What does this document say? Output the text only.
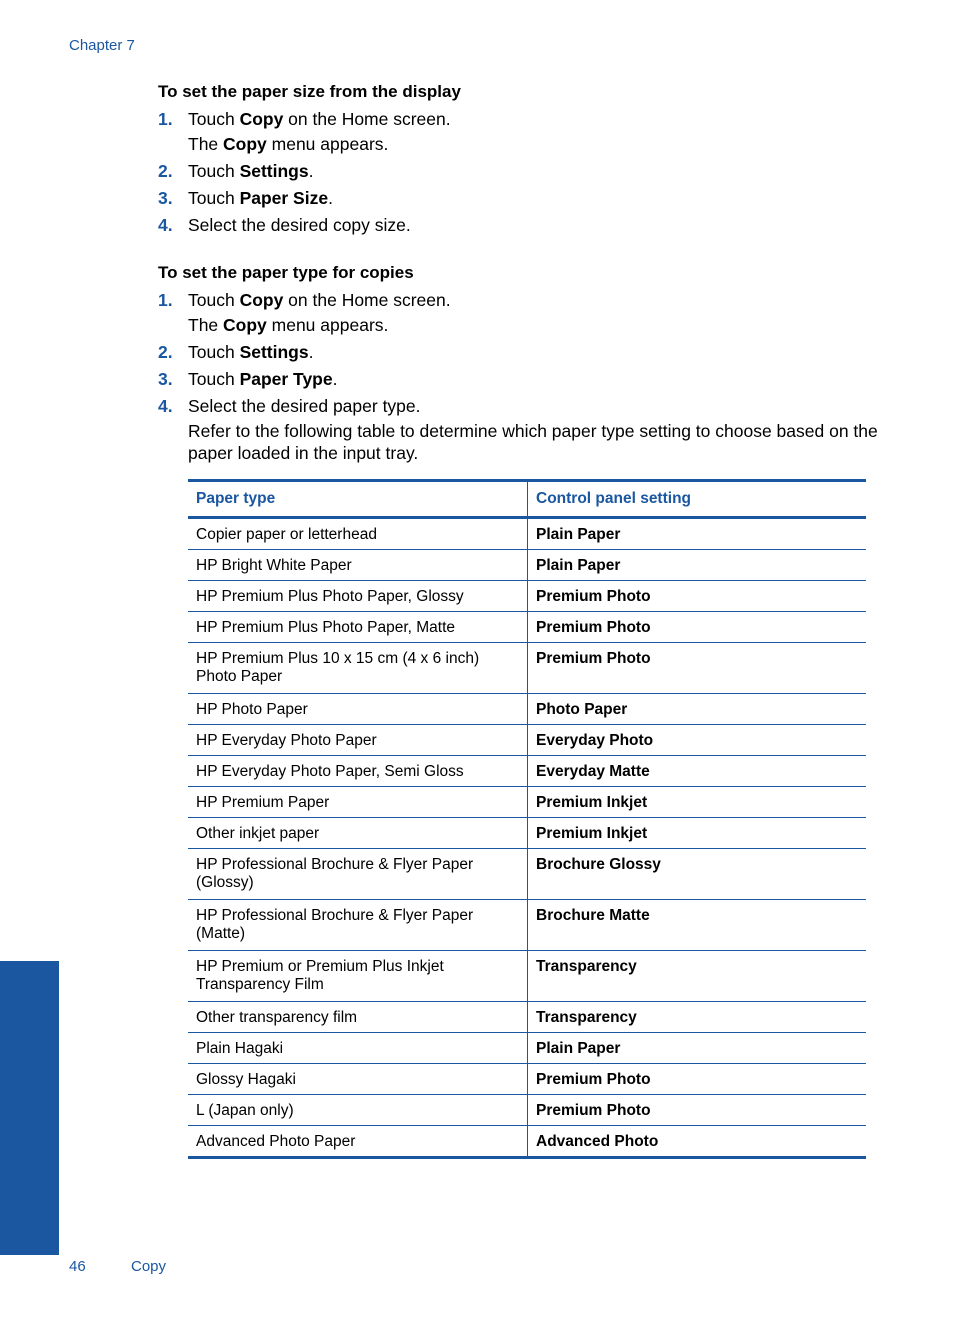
Chapter 7
To set the paper size from the display
1. Touch Copy on the Home screen.
The Copy menu appears.
2. Touch Settings.
3. Touch Paper Size.
4. Select the desired copy size.
To set the paper type for copies
1. Touch Copy on the Home screen.
The Copy menu appears.
2. Touch Settings.
3. Touch Paper Type.
4. Select the desired paper type.
Refer to the following table to determine which paper type setting to choose based on the paper loaded in the input tray.
Paper type	Control panel setting
Copier paper or letterhead	Plain Paper
HP Bright White Paper	Plain Paper
HP Premium Plus Photo Paper, Glossy	Premium Photo
HP Premium Plus Photo Paper, Matte	Premium Photo
HP Premium Plus 10 x 15 cm (4 x 6 inch) Photo Paper	Premium Photo
HP Photo Paper	Photo Paper
HP Everyday Photo Paper	Everyday Photo
HP Everyday Photo Paper, Semi Gloss	Everyday Matte
HP Premium Paper	Premium Inkjet
Other inkjet paper	Premium Inkjet
HP Professional Brochure & Flyer Paper (Glossy)	Brochure Glossy
HP Professional Brochure & Flyer Paper (Matte)	Brochure Matte
HP Premium or Premium Plus Inkjet Transparency Film	Transparency
Other transparency film	Transparency
Plain Hagaki	Plain Paper
Glossy Hagaki	Premium Photo
L (Japan only)	Premium Photo
Advanced Photo Paper	Advanced Photo
Copy
46	Copy
